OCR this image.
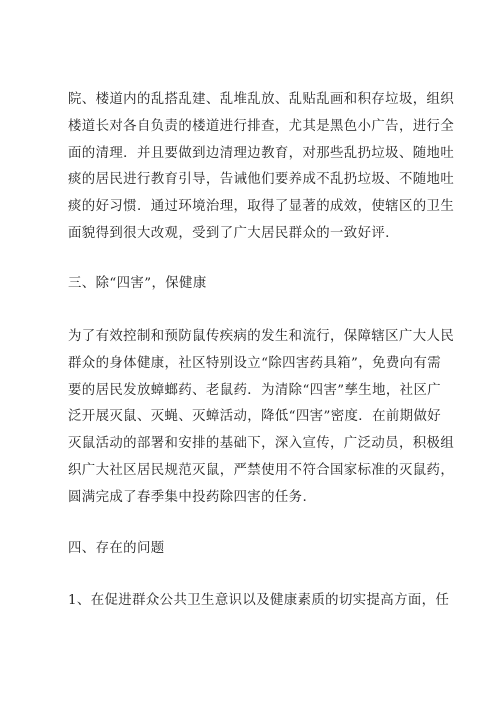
院、楼道内的乱搭乱建、乱堆乱放、乱贴乱画和积存垃圾，组织
楼道长对各自负责的楼道进行排查，尤其是黑色小广告，进行全
面的清理．并且要做到边清理边教育，对那些乱扔垃圾、随地吐
痰的居民进行教育引导，告诫他们要养成不乱扔垃圾、不随地吐
痰的好习惯．通过环境治理，取得了显著的成效，使辖区的卫生
面貌得到很大改观，受到了广大居民群众的一致好评.

三、除“四害”，保健康

为了有效控制和预防鼠传疾病的发生和流行，保障辖区广大人民
群众的身体健康，社区特别设立“除四害药具箱”，免费向有需
要的居民发放蟑螂药、老鼠药．为清除“四害”孳生地，社区广
泛开展灭鼠、灭蝇、灭蟑活动，降低“四害”密度．在前期做好
灭鼠活动的部署和安排的基础下，深入宣传，广泛动员，积极组
织广大社区居民规范灭鼠，严禁使用不符合国家标准的灭鼠药，
圆满完成了春季集中投药除四害的任务.

四、存在的问题

1、在促进群众公共卫生意识以及健康素质的切实提高方面，任
